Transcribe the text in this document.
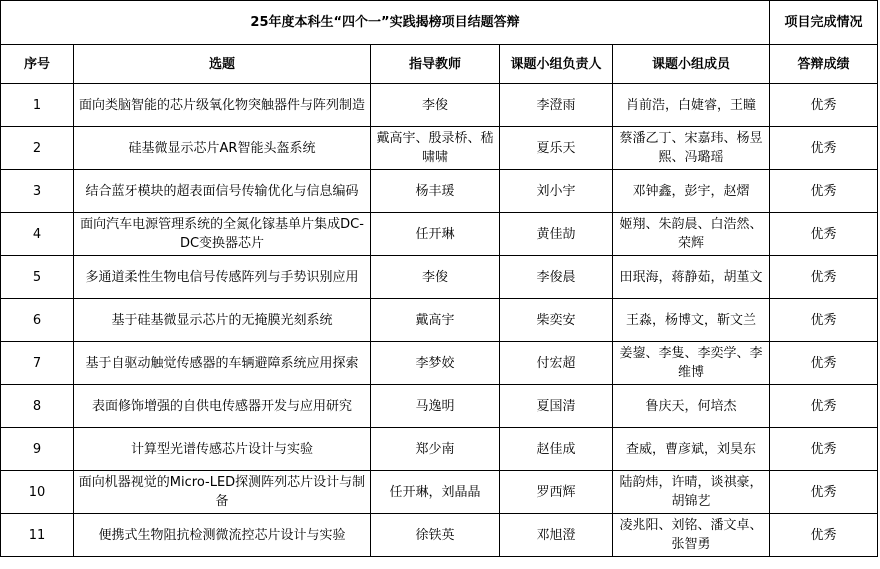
25年度本科生“四个一”实践揭榜项目结题答辩					项目完成情况
序号	选题	指导教师	课题小组负责人	课题小组成员	答辩成绩
1	面向类脑智能的芯片级氧化物突触器件与阵列制造	李俊	李澄雨	肖前浩，白婕睿，王瞳	优秀
2	硅基微显示芯片AR智能头盔系统	戴高宇、殷录桥、嵇啸啸	夏乐天	蔡潘乙丁、宋嘉玮、杨昱熙、冯璐瑶	优秀
3	结合蓝牙模块的超表面信号传输优化与信息编码	杨丰瑗	刘小宇	邓钟鑫，彭宇，赵熠	优秀
4	面向汽车电源管理系统的全氮化镓基单片集成DC-DC变换器芯片	任开琳	黄佳劼	姬翔、朱韵晨、白浩然、荣辉	优秀
5	多通道柔性生物电信号传感阵列与手势识别应用	李俊	李俊晨	田珉海，蒋静茹，胡堇文	优秀
6	基于硅基微显示芯片的无掩膜光刻系统	戴高宇	柴奕安	王淼，杨博文，靳文兰	优秀
7	基于自驱动触觉传感器的车辆避障系统应用探索	李梦姣	付宏超	姜鋆、李隻、李奕学、李维博	优秀
8	表面修饰增强的自供电传感器开发与应用研究	马逸明	夏国清	鲁庆天，何培杰	优秀
9	计算型光谱传感芯片设计与实验	郑少南	赵佳成	查威，曹彦斌，刘昊东	优秀
10	面向机器视觉的Micro-LED探测阵列芯片设计与制备	任开琳，刘晶晶	罗西辉	陆韵炜，许晴，谈祺豪，胡锦艺	优秀
11	便携式生物阻抗检测微流控芯片设计与实验	徐铁英	邓旭澄	凌兆阳、刘铭、潘文卓、张智勇	优秀
